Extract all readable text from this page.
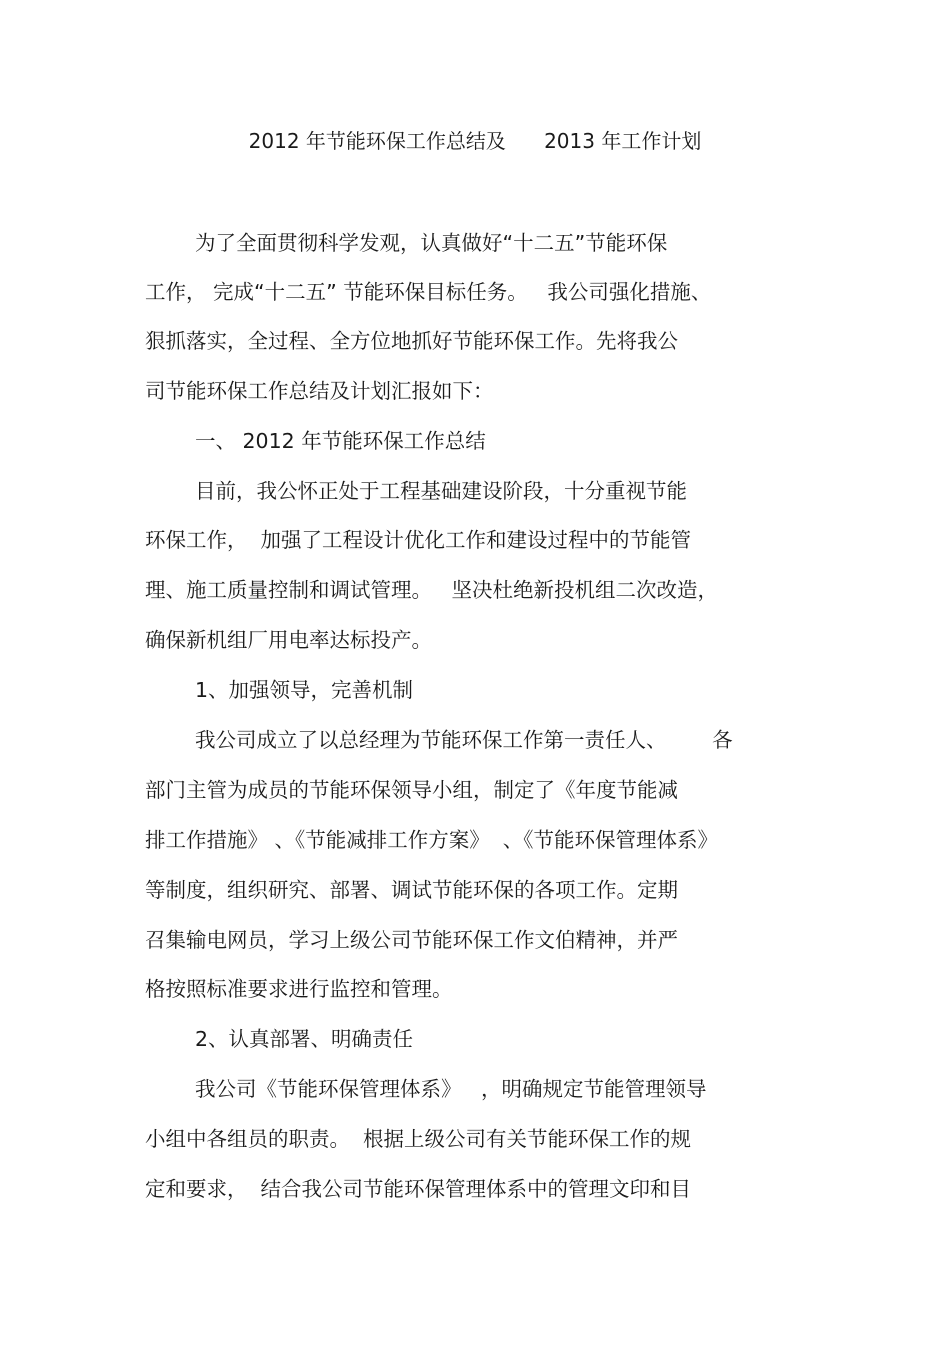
2012 年节能环保工作总结及      2013 年工作计划
为了全面贯彻科学发观，认真做好“十二五”节能环保
工作， 完成“十二五” 节能环保目标任务。   我公司强化措施、
狠抓落实，全过程、全方位地抓好节能环保工作。先将我公
司节能环保工作总结及计划汇报如下：
一、 2012 年节能环保工作总结
目前，我公怀正处于工程基础建设阶段，十分重视节能
环保工作，  加强了工程设计优化工作和建设过程中的节能管
理、施工质量控制和调试管理。   坚决杜绝新投机组二次改造，
确保新机组厂用电率达标投产。
1、加强领导，完善机制
我公司成立了以总经理为节能环保工作第一责任人、       各
部门主管为成员的节能环保领导小组，制定了《年度节能减
排工作措施》 、《节能减排工作方案》  、《节能环保管理体系》
等制度，组织研究、部署、调试节能环保的各项工作。定期
召集输电网员，学习上级公司节能环保工作文伯精神，并严
格按照标准要求进行监控和管理。
2、认真部署、明确责任
我公司《节能环保管理体系》   ，明确规定节能管理领导
小组中各组员的职责。  根据上级公司有关节能环保工作的规
定和要求，  结合我公司节能环保管理体系中的管理文印和目
